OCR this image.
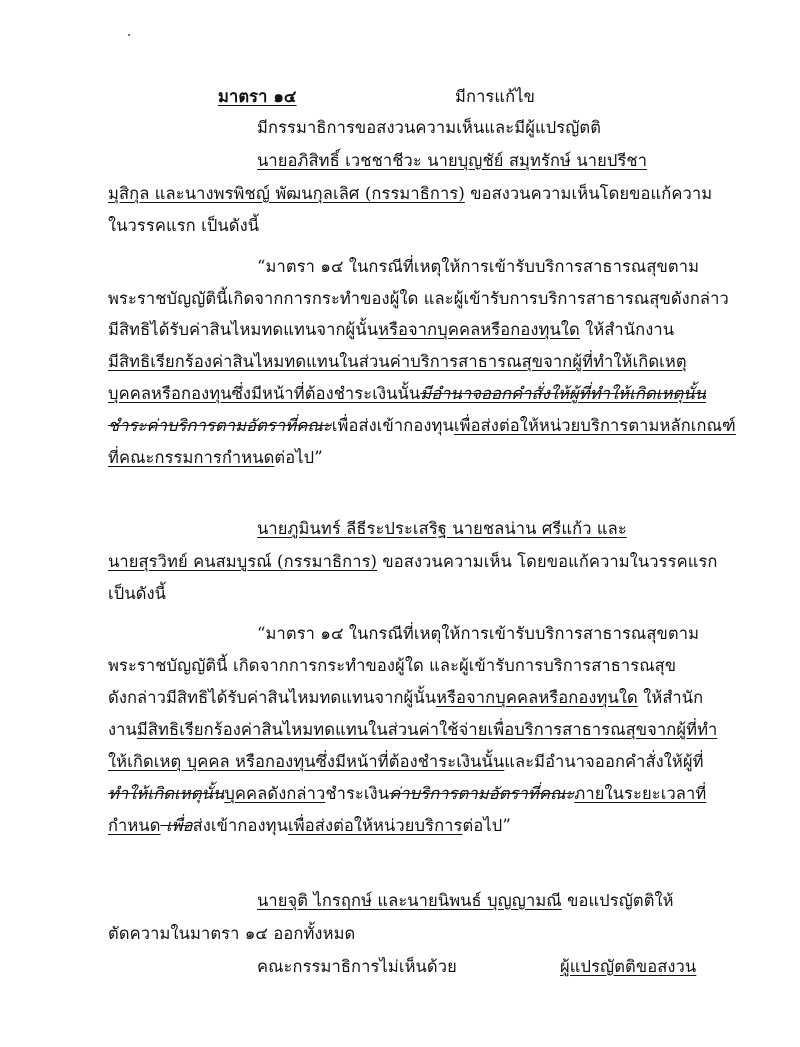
มาตรา ๑๔	มีการแก้ไข
มีกรรมาธิการขอสงวนความเห็นและมีผู้แปรญัตติ
นายอภิสิทธิ์ เวชชาชีวะ นายบุญชัย์ สมุทรักษ์ นายปรีชา
มุสิกุล และนางพรพิชญ์ พัฒนกุลเลิศ (กรรมาธิการ) ขอสงวนความเห็นโดยขอแก้ความ
ในวรรคแรก เป็นดังนี้
“มาตรา ๑๔ ในกรณีที่เหตุให้การเข้ารับบริการสาธารณสุขตาม
พระราชบัญญัตินี้เกิดจากการกระทำของผู้ใด และผู้เข้ารับการบริการสาธารณสุขดังกล่าว
มีสิทธิได้รับค่าสินไหมทดแทนจากผู้นั้นหรือจากบุคคลหรือกองทุนใด ให้สำนักงาน
มีสิทธิเรียกร้องค่าสินไหมทดแทนในส่วนค่าบริการสาธารณสุขจากผู้ที่ทำให้เกิดเหตุ
บุคคลหรือกองทุนซึ่งมีหน้าที่ต้องชำระเงินนั้นมีอำนาจออกคำสั่งให้ผู้ที่ทำให้เกิดเหตุนั้น
ชำระค่าบริการตามอัตราที่คณะเพื่อส่งเข้ากองทุนเพื่อส่งต่อให้หน่วยบริการตามหลักเกณฑ์
ที่คณะกรรมการกำหนดต่อไป”
นายภูมินทร์ ลีธีระประเสริฐ นายชลน่าน ศรีแก้ว และ
นายสุรวิทย์ คนสมบูรณ์ (กรรมาธิการ) ขอสงวนความเห็น โดยขอแก้ความในวรรคแรก
เป็นดังนี้
“มาตรา ๑๔ ในกรณีที่เหตุให้การเข้ารับบริการสาธารณสุขตาม
พระราชบัญญัตินี้ เกิดจากการกระทำของผู้ใด และผู้เข้ารับการบริการสาธารณสุข
ดังกล่าวมีสิทธิได้รับค่าสินไหมทดแทนจากผู้นั้นหรือจากบุคคลหรือกองทุนใด ให้สำนัก
งานมีสิทธิเรียกร้องค่าสินไหมทดแทนในส่วนค่าใช้จ่ายเพื่อบริการสาธารณสุขจากผู้ที่ทำ
ให้เกิดเหตุ บุคคล หรือกองทุนซึ่งมีหน้าที่ต้องชำระเงินนั้นและมีอำนาจออกคำสั่งให้ผู้ที่
ทำให้เกิดเหตุนั้นบุคคลดังกล่าวชำระเงินค่าบริการตามอัตราที่คณะภายในระยะเวลาที่
กำหนด เพื่อส่งเข้ากองทุนเพื่อส่งต่อให้หน่วยบริการต่อไป”
นายจุติ ไกรฤกษ์ และนายนิพนธ์ บุญญามณี ขอแปรญัตติให้
ตัดความในมาตรา ๑๔ ออกทั้งหมด
คณะกรรมาธิการไม่เห็นด้วย	ผู้แปรญัตติขอสงวน
